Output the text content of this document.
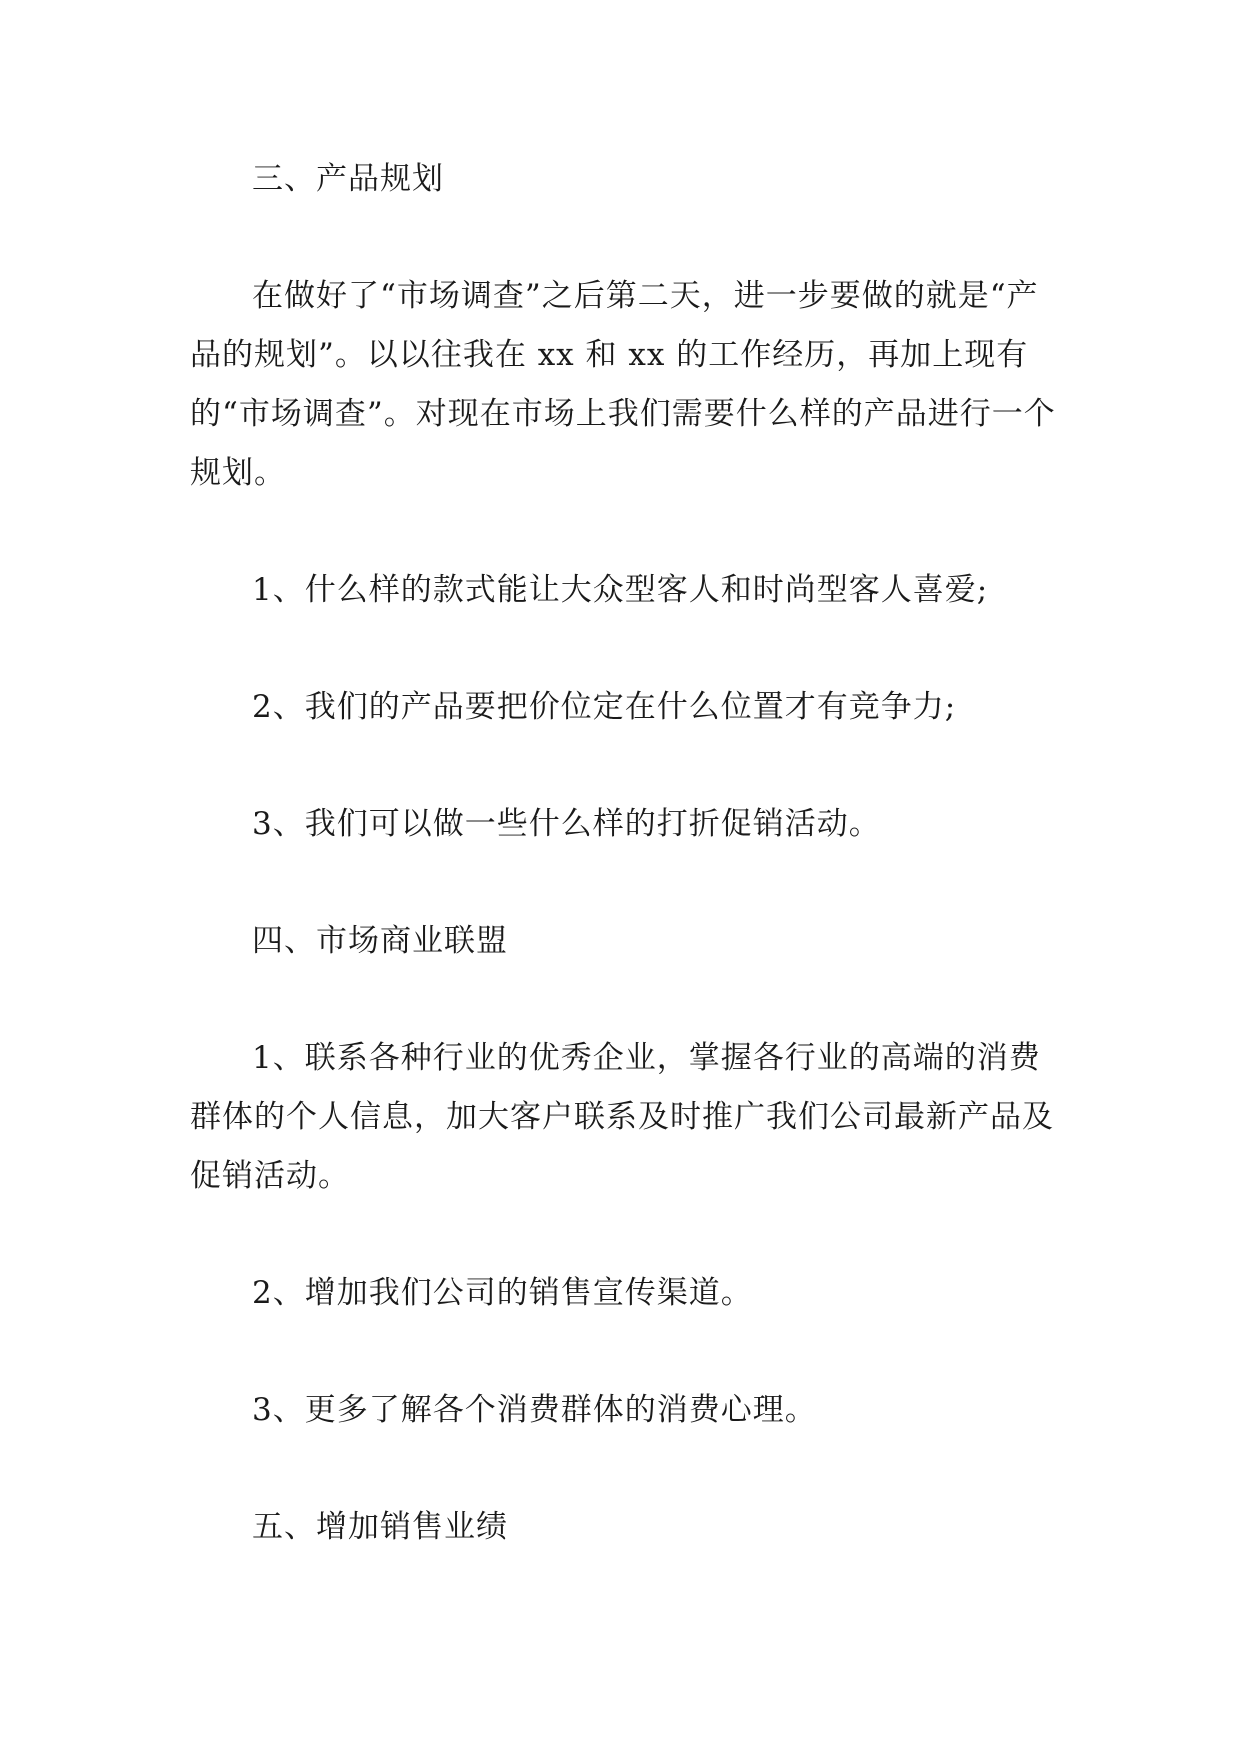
三、产品规划

在做好了“市场调查”之后第二天，进一步要做的就是“产品的规划”。以以往我在 xx 和 xx 的工作经历，再加上现有的“市场调查”。对现在市场上我们需要什么样的产品进行一个规划。

1、什么样的款式能让大众型客人和时尚型客人喜爱;

2、我们的产品要把价位定在什么位置才有竞争力;

3、我们可以做一些什么样的打折促销活动。

四、市场商业联盟

1、联系各种行业的优秀企业，掌握各行业的高端的消费群体的个人信息，加大客户联系及时推广我们公司最新产品及促销活动。

2、增加我们公司的销售宣传渠道。

3、更多了解各个消费群体的消费心理。

五、增加销售业绩
